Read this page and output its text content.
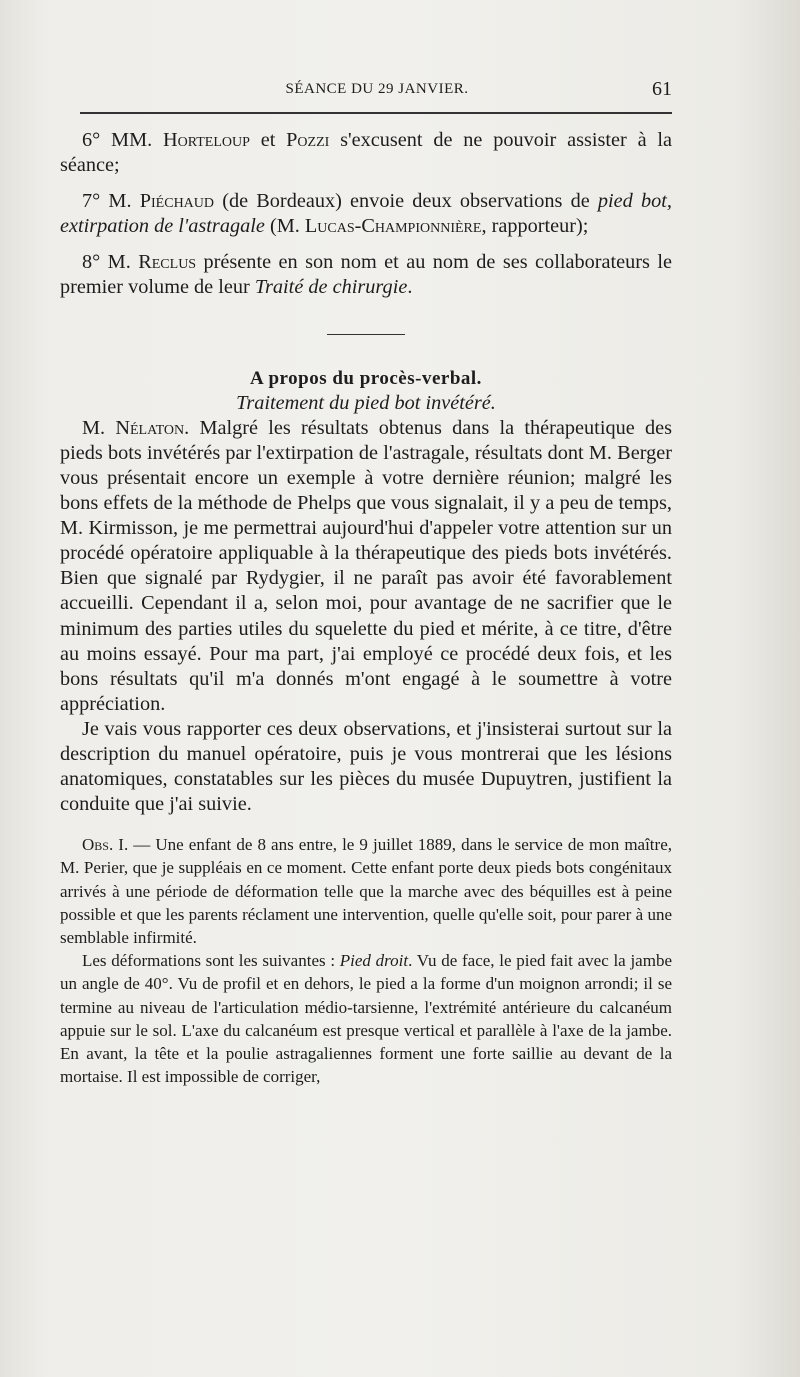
SÉANCE DU 29 JANVIER.	61

6° MM. Horteloup et Pozzi s'excusent de ne pouvoir assister à la séance;

7° M. Piéchaud (de Bordeaux) envoie deux observations de pied bot, extirpation de l'astragale (M. Lucas-Championnière, rapporteur);

8° M. Reclus présente en son nom et au nom de ses collaborateurs le premier volume de leur Traité de chirurgie.

A propos du procès-verbal.

Traitement du pied bot invétéré.

M. Nélaton. Malgré les résultats obtenus dans la thérapeutique des pieds bots invétérés par l'extirpation de l'astragale, résultats dont M. Berger vous présentait encore un exemple à votre dernière réunion; malgré les bons effets de la méthode de Phelps que vous signalait, il y a peu de temps, M. Kirmisson, je me permettrai aujourd'hui d'appeler votre attention sur un procédé opératoire appliquable à la thérapeutique des pieds bots invétérés. Bien que signalé par Rydygier, il ne paraît pas avoir été favorablement accueilli. Cependant il a, selon moi, pour avantage de ne sacrifier que le minimum des parties utiles du squelette du pied et mérite, à ce titre, d'être au moins essayé. Pour ma part, j'ai employé ce procédé deux fois, et les bons résultats qu'il m'a donnés m'ont engagé à le soumettre à votre appréciation.

Je vais vous rapporter ces deux observations, et j'insisterai surtout sur la description du manuel opératoire, puis je vous montrerai que les lésions anatomiques, constatables sur les pièces du musée Dupuytren, justifient la conduite que j'ai suivie.

Obs. I. — Une enfant de 8 ans entre, le 9 juillet 1889, dans le service de mon maître, M. Perier, que je suppléais en ce moment. Cette enfant porte deux pieds bots congénitaux arrivés à une période de déformation telle que la marche avec des béquilles est à peine possible et que les parents réclament une intervention, quelle qu'elle soit, pour parer à une semblable infirmité.

Les déformations sont les suivantes : Pied droit. Vu de face, le pied fait avec la jambe un angle de 40°. Vu de profil et en dehors, le pied a la forme d'un moignon arrondi; il se termine au niveau de l'articulation médio-tarsienne, l'extrémité antérieure du calcanéum appuie sur le sol. L'axe du calcanéum est presque vertical et parallèle à l'axe de la jambe. En avant, la tête et la poulie astragaliennes forment une forte saillie au devant de la mortaise. Il est impossible de corriger,
